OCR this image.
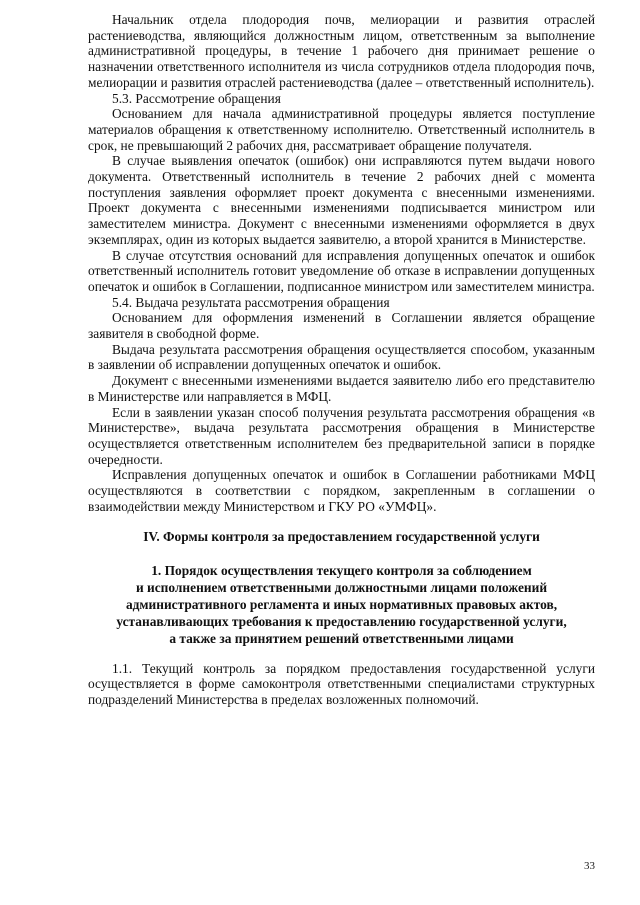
Начальник отдела плодородия почв, мелиорации и развития отраслей растениеводства, являющийся должностным лицом, ответственным за выполнение административной процедуры, в течение 1 рабочего дня принимает решение о назначении ответственного исполнителя из числа сотрудников отдела плодородия почв, мелиорации и развития отраслей растениеводства (далее – ответственный исполнитель).

5.3. Рассмотрение обращения

Основанием для начала административной процедуры является поступление материалов обращения к ответственному исполнителю. Ответственный исполнитель в срок, не превышающий 2 рабочих дня, рассматривает обращение получателя.

В случае выявления опечаток (ошибок) они исправляются путем выдачи нового документа. Ответственный исполнитель в течение 2 рабочих дней с момента поступления заявления оформляет проект документа с внесенными изменениями. Проект документа с внесенными изменениями подписывается министром или заместителем министра. Документ с внесенными изменениями оформляется в двух экземплярах, один из которых выдается заявителю, а второй хранится в Министерстве.

В случае отсутствия оснований для исправления допущенных опечаток и ошибок ответственный исполнитель готовит уведомление об отказе в исправлении допущенных опечаток и ошибок в Соглашении, подписанное министром или заместителем министра.

5.4. Выдача результата рассмотрения обращения

Основанием для оформления изменений в Соглашении является обращение заявителя в свободной форме.

Выдача результата рассмотрения обращения осуществляется способом, указанным в заявлении об исправлении допущенных опечаток и ошибок.

Документ с внесенными изменениями выдается заявителю либо его представителю в Министерстве или направляется в МФЦ.

Если в заявлении указан способ получения результата рассмотрения обращения «в Министерстве», выдача результата рассмотрения обращения в Министерстве осуществляется ответственным исполнителем без предварительной записи в порядке очередности.

Исправления допущенных опечаток и ошибок в Соглашении работниками МФЦ осуществляются в соответствии с порядком, закрепленным в соглашении о взаимодействии между Министерством и ГКУ РО «УМФЦ».

IV. Формы контроля за предоставлением государственной услуги

1. Порядок осуществления текущего контроля за соблюдением
и исполнением ответственными должностными лицами положений
административного регламента и иных нормативных правовых актов,
устанавливающих требования к предоставлению государственной услуги,
а также за принятием решений ответственными лицами

1.1. Текущий контроль за порядком предоставления государственной услуги осуществляется в форме самоконтроля ответственными специалистами структурных подразделений Министерства в пределах возложенных полномочий.

33
